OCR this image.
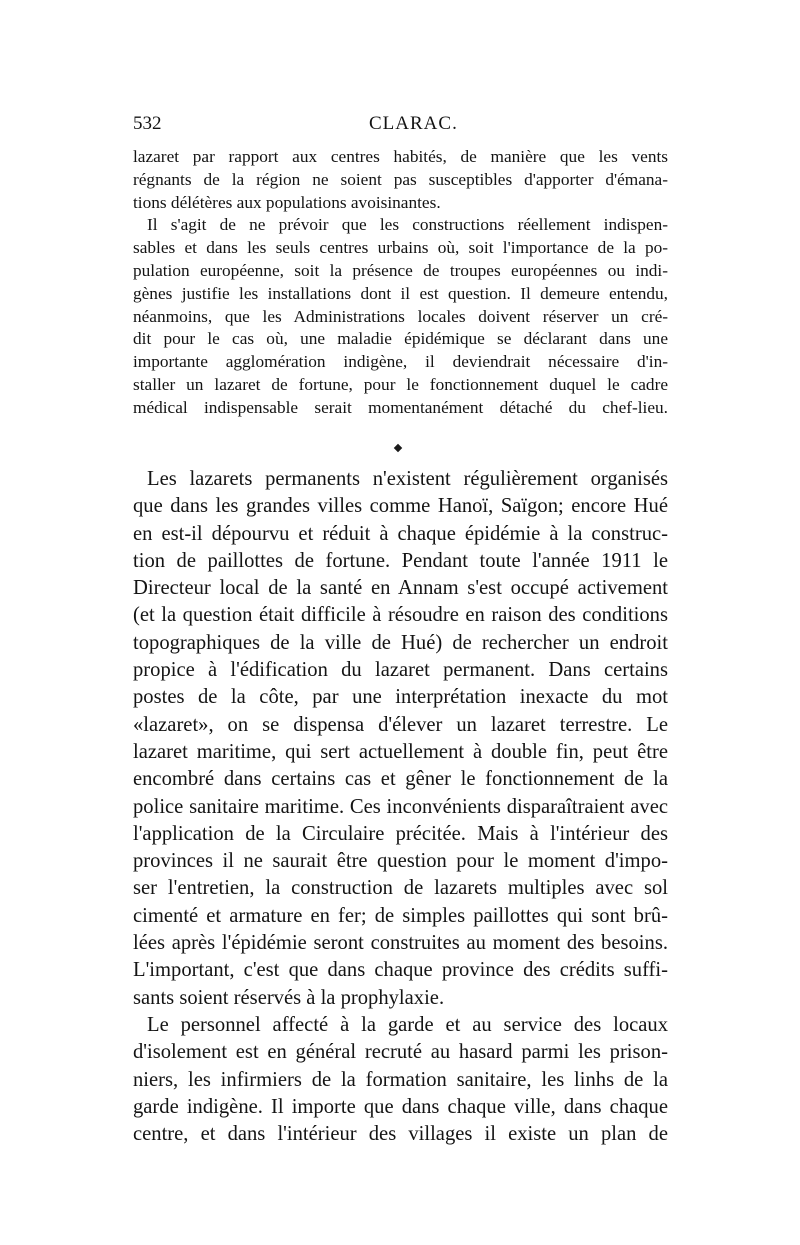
532	CLARAC.
lazaret par rapport aux centres habités, de manière que les vents
régnants de la région ne soient pas susceptibles d'apporter d'émana-
tions délétères aux populations avoisinantes.
Il s'agit de ne prévoir que les constructions réellement indispen-
sables et dans les seuls centres urbains où, soit l'importance de la po-
pulation européenne, soit la présence de troupes européennes ou indi-
gènes justifie les installations dont il est question. Il demeure entendu,
néanmoins, que les Administrations locales doivent réserver un cré-
dit pour le cas où, une maladie épidémique se déclarant dans une
importante agglomération indigène, il deviendrait nécessaire d'in-
staller un lazaret de fortune, pour le fonctionnement duquel le cadre
médical indispensable serait momentanément détaché du chef-lieu.
Les lazarets permanents n'existent régulièrement organisés
que dans les grandes villes comme Hanoï, Saïgon; encore Hué
en est-il dépourvu et réduit à chaque épidémie à la construc-
tion de paillottes de fortune. Pendant toute l'année 1911 le
Directeur local de la santé en Annam s'est occupé activement
(et la question était difficile à résoudre en raison des conditions
topographiques de la ville de Hué) de rechercher un endroit
propice à l'édification du lazaret permanent. Dans certains
postes de la côte, par une interprétation inexacte du mot
«lazaret», on se dispensa d'élever un lazaret terrestre. Le
lazaret maritime, qui sert actuellement à double fin, peut être
encombré dans certains cas et gêner le fonctionnement de la
police sanitaire maritime. Ces inconvénients disparaîtraient avec
l'application de la Circulaire précitée. Mais à l'intérieur des
provinces il ne saurait être question pour le moment d'impo-
ser l'entretien, la construction de lazarets multiples avec sol
cimenté et armature en fer; de simples paillottes qui sont brû-
lées après l'épidémie seront construites au moment des besoins.
L'important, c'est que dans chaque province des crédits suffi-
sants soient réservés à la prophylaxie.
Le personnel affecté à la garde et au service des locaux
d'isolement est en général recruté au hasard parmi les prison-
niers, les infirmiers de la formation sanitaire, les linhs de la
garde indigène. Il importe que dans chaque ville, dans chaque
centre, et dans l'intérieur des villages il existe un plan de
